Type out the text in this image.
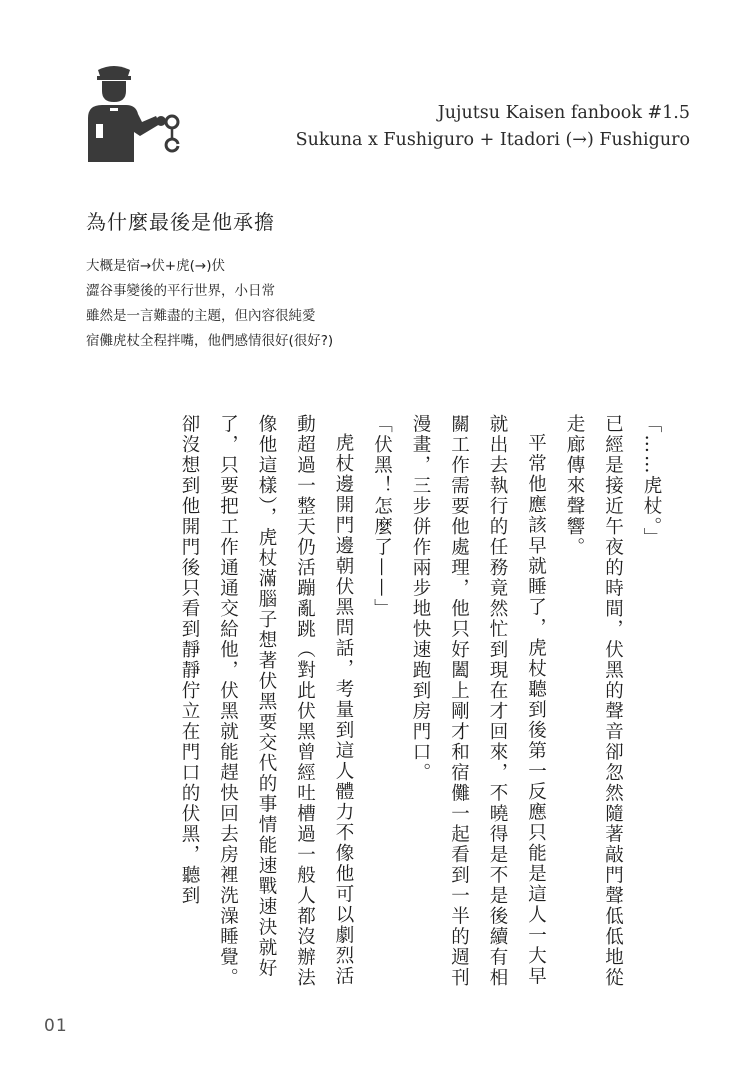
Jujutsu Kaisen fanbook #1.5
Sukuna x Fushiguro + Itadori (→) Fushiguro
為什麼最後是他承擔
大概是宿→伏+虎(→)伏
澀谷事變後的平行世界，小日常
雖然是一言難盡的主題，但內容很純愛
宿儺虎杖全程拌嘴，他們感情很好(很好?)

「……虎杖。」

已經是接近午夜的時間，伏黑的聲音卻忽然隨著敲門聲低低地從走廊傳來聲響。

平常他應該早就睡了，虎杖聽到後第一反應只能是這人一大早就出去執行的任務竟然忙到現在才回來，不曉得是不是後續有相關工作需要他處理，他只好闔上剛才和宿儺一起看到一半的週刊漫畫，三步併作兩步地快速跑到房門口。

「伏黑！怎麼了——」

虎杖邊開門邊朝伏黑問話，考量到這人體力不像他可以劇烈活動超過一整天仍活蹦亂跳（對此伏黑曾經吐槽過一般人都沒辦法像他這樣），虎杖滿腦子想著伏黑要交代的事情能速戰速決就好了，只要把工作通通交給他，伏黑就能趕快回去房裡洗澡睡覺。

卻沒想到他開門後只看到靜靜佇立在門口的伏黑，聽到

01
